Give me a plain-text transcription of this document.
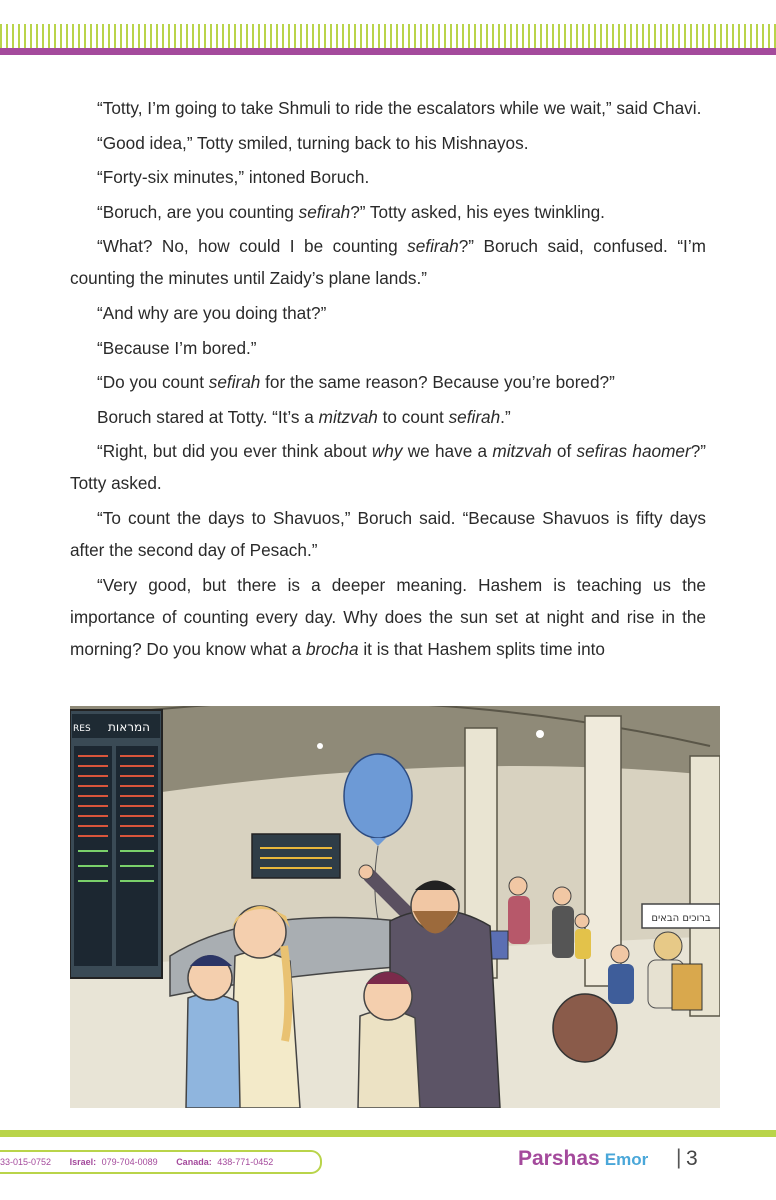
“Totty, I’m going to take Shmuli to ride the escalators while we wait,” said Chavi.

“Good idea,” Totty smiled, turning back to his Mishnayos.

“Forty-six minutes,” intoned Boruch.

“Boruch, are you counting sefirah?” Totty asked, his eyes twinkling.

“What? No, how could I be counting sefirah?” Boruch said, confused. “I’m counting the minutes until Zaidy’s plane lands.”

“And why are you doing that?”

“Because I’m bored.”

“Do you count sefirah for the same reason? Because you’re bored?”

Boruch stared at Totty. “It’s a mitzvah to count sefirah.”

“Right, but did you ever think about why we have a mitzvah of sefiras haomer?” Totty asked.

“To count the days to Shavuos,” Boruch said. “Because Shavuos is fifty days after the second day of Pesach.”

“Very good, but there is a deeper meaning. Hashem is teaching us the importance of counting every day. Why does the sun set at night and rise in the morning? Do you know what a brocha it is that Hashem splits time into

המראות
RES
ברוכים הבאים
33-015-0752 Israel: 079-704-0089 Canada: 438-771-0452	Parshas Emor | 3
